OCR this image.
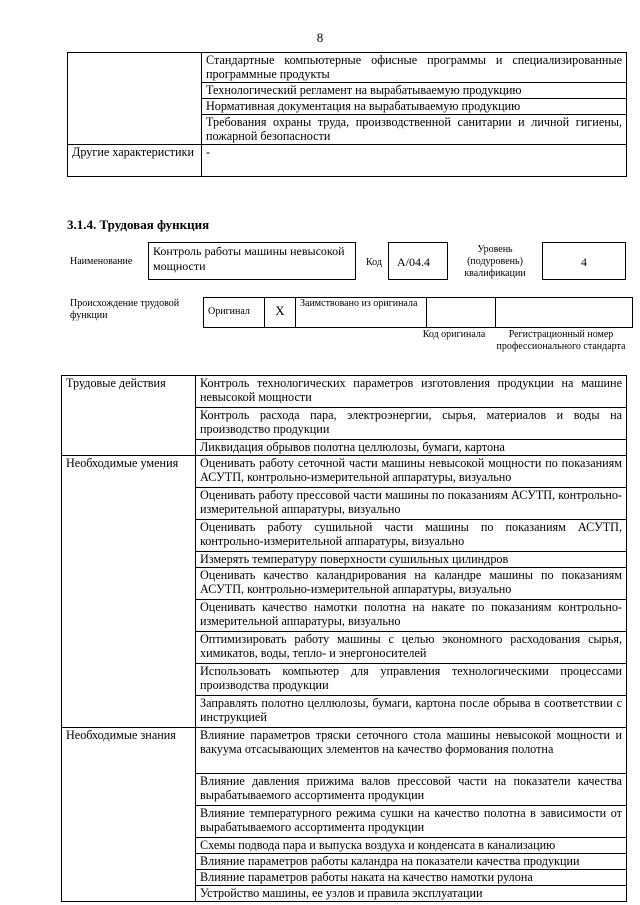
8
	Стандартные компьютерные офисные программы и специализированные программные продукты
	Технологический регламент на вырабатываемую продукцию
	Нормативная документация на вырабатываемую продукцию
	Требования охраны труда, производственной санитарии и личной гигиены, пожарной безопасности
Другие характеристики	-
3.1.4. Трудовая функция
Наименование
Контроль работы машины невысокой мощности	Код	A/04.4
Уровень (подуровень) квалификации
4
Происхождение трудовой функции	Оригинал	X	Заимствовано из оригинала		
Код оригинала	Регистрационный номер профессионального стандарта
Трудовые действия	Контроль технологических параметров изготовления продукции на машине невысокой мощности
	Контроль расхода пара, электроэнергии, сырья, материалов и воды на производство продукции
	Ликвидация обрывов полотна целлюлозы, бумаги, картона
Необходимые умения	Оценивать работу сеточной части машины невысокой мощности по показаниям АСУТП, контрольно-измерительной аппаратуры, визуально
	Оценивать работу прессовой части машины по показаниям АСУТП, контрольно-измерительной аппаратуры, визуально
	Оценивать работу сушильной части машины по показаниям АСУТП, контрольно-измерительной аппаратуры, визуально
	Измерять температуру поверхности сушильных цилиндров
	Оценивать качество каландрирования на каландре машины по показаниям АСУТП, контрольно-измерительной аппаратуры, визуально
	Оценивать качество намотки полотна на накате по показаниям контрольно-измерительной аппаратуры, визуально
	Оптимизировать работу машины с целью экономного расходования сырья, химикатов, воды, тепло- и энергоносителей
	Использовать компьютер для управления технологическими процессами производства продукции
	Заправлять полотно целлюлозы, бумаги, картона после обрыва в соответствии с инструкцией
Необходимые знания	Влияние параметров тряски сеточного стола машины невысокой мощности и вакуума отсасывающих элементов на качество формования полотна
	Влияние давления прижима валов прессовой части на показатели качества вырабатываемого ассортимента продукции
	Влияние температурного режима сушки на качество полотна в зависимости от вырабатываемого ассортимента продукции
	Схемы подвода пара и выпуска воздуха и конденсата в канализацию
	Влияние параметров работы каландра на показатели качества продукции
	Влияние параметров работы наката на качество намотки рулона
	Устройство машины, ее узлов и правила эксплуатации
